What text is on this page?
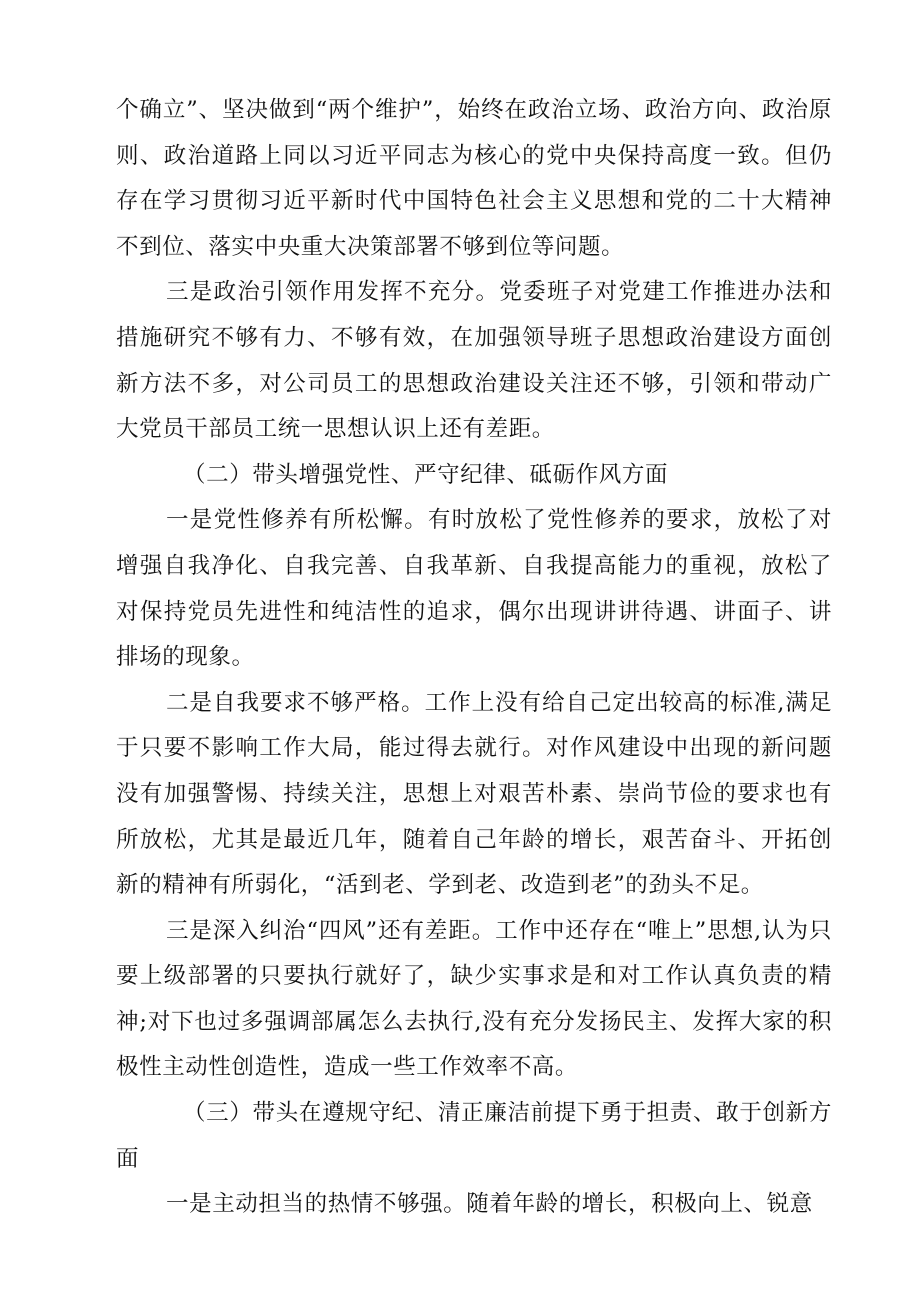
个确立”、坚决做到“两个维护”，始终在政治立场、政治方向、政治原则、政治道路上同以习近平同志为核心的党中央保持高度一致。但仍存在学习贯彻习近平新时代中国特色社会主义思想和党的二十大精神不到位、落实中央重大决策部署不够到位等问题。

三是政治引领作用发挥不充分。党委班子对党建工作推进办法和措施研究不够有力、不够有效，在加强领导班子思想政治建设方面创新方法不多，对公司员工的思想政治建设关注还不够，引领和带动广大党员干部员工统一思想认识上还有差距。

（二）带头增强党性、严守纪律、砥砺作风方面

一是党性修养有所松懈。有时放松了党性修养的要求，放松了对增强自我净化、自我完善、自我革新、自我提高能力的重视，放松了对保持党员先进性和纯洁性的追求，偶尔出现讲讲待遇、讲面子、讲排场的现象。

二是自我要求不够严格。工作上没有给自己定出较高的标准,满足于只要不影响工作大局，能过得去就行。对作风建设中出现的新问题没有加强警惕、持续关注，思想上对艰苦朴素、崇尚节俭的要求也有所放松，尤其是最近几年，随着自己年龄的增长，艰苦奋斗、开拓创新的精神有所弱化，“活到老、学到老、改造到老”的劲头不足。

三是深入纠治“四风”还有差距。工作中还存在“唯上”思想,认为只要上级部署的只要执行就好了，缺少实事求是和对工作认真负责的精神;对下也过多强调部属怎么去执行,没有充分发扬民主、发挥大家的积极性主动性创造性，造成一些工作效率不高。

（三）带头在遵规守纪、清正廉洁前提下勇于担责、敢于创新方面

一是主动担当的热情不够强。随着年龄的增长，积极向上、锐意
